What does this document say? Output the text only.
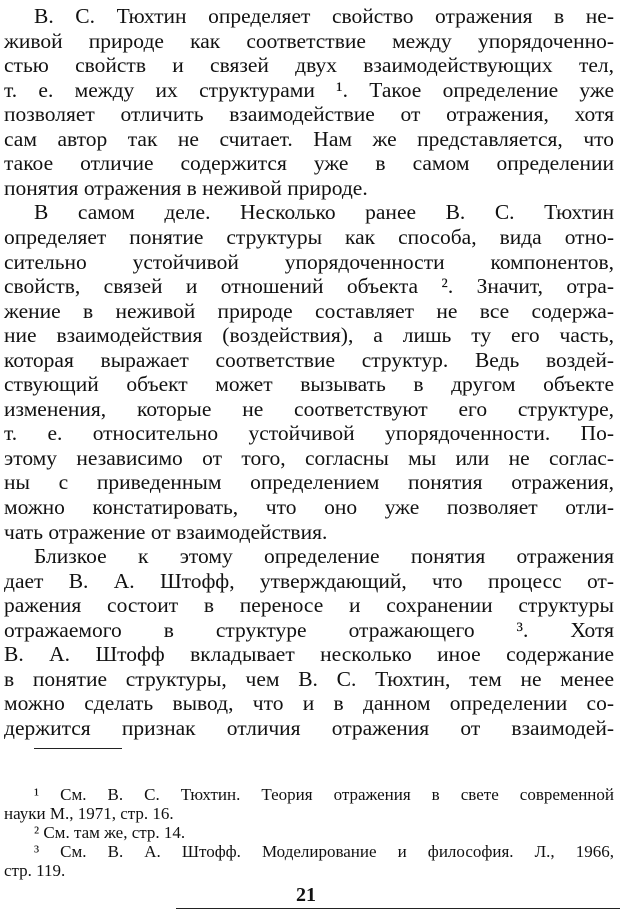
В. С. Тюхтин определяет свойство отражения в не-
живой природе как соответствие между упорядоченно-
стью свойств и связей двух взаимодействующих тел,
т. е. между их структурами ¹. Такое определение уже
позволяет отличить взаимодействие от отражения, хотя
сам автор так не считает. Нам же представляется, что
такое отличие содержится уже в самом определении
понятия отражения в неживой природе.
В самом деле. Несколько ранее В. С. Тюхтин
определяет понятие структуры как способа, вида отно-
сительно устойчивой упорядоченности компонентов,
свойств, связей и отношений объекта ². Значит, отра-
жение в неживой природе составляет не все содержа-
ние взаимодействия (воздействия), а лишь ту его часть,
которая выражает соответствие структур. Ведь воздей-
ствующий объект может вызывать в другом объекте
изменения, которые не соответствуют его структуре,
т. е. относительно устойчивой упорядоченности. По-
этому независимо от того, согласны мы или не соглас-
ны с приведенным определением понятия отражения,
можно констатировать, что оно уже позволяет отли-
чать отражение от взаимодействия.
Близкое к этому определение понятия отражения
дает В. А. Штофф, утверждающий, что процесс от-
ражения состоит в переносе и сохранении структуры
отражаемого в структуре отражающего ³. Хотя
В. А. Штофф вкладывает несколько иное содержание
в понятие структуры, чем В. С. Тюхтин, тем не менее
можно сделать вывод, что и в данном определении со-
держится признак отличия отражения от взаимодей-
¹ См. В. С. Тюхтин. Теория отражения в свете современной
науки М., 1971, стр. 16.
² См. там же, стр. 14.
³ См. В. А. Штофф. Моделирование и философия. Л., 1966,
стр. 119.
21
